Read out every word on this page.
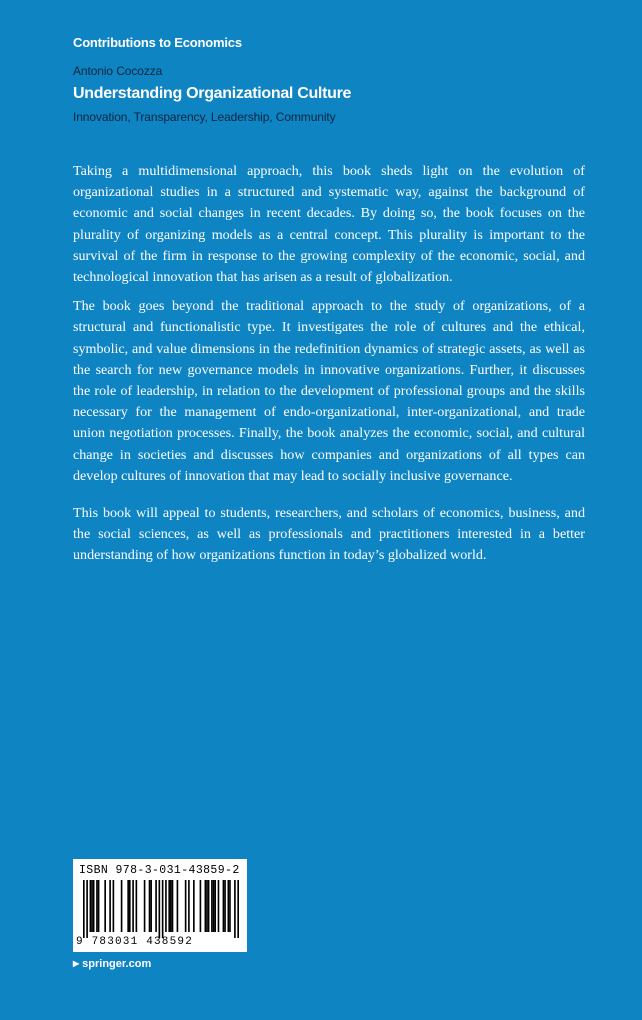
Contributions to Economics
Antonio Cocozza
Understanding Organizational Culture
Innovation, Transparency, Leadership, Community

Taking a multidimensional approach, this book sheds light on the evolution of organizational studies in a structured and systematic way, against the background of economic and social changes in recent decades. By doing so, the book focuses on the plurality of organizing models as a central concept. This plurality is important to the survival of the firm in response to the growing complexity of the economic, social, and technological innovation that has arisen as a result of globalization.

The book goes beyond the traditional approach to the study of organizations, of a structural and functionalistic type. It investigates the role of cultures and the ethical, symbolic, and value dimensions in the redefinition dynamics of strategic assets, as well as the search for new governance models in innovative organizations. Further, it discusses the role of leadership, in relation to the development of professional groups and the skills necessary for the management of endo-organizational, inter-organizational, and trade union negotiation processes. Finally, the book analyzes the economic, social, and cultural change in societies and discusses how companies and organizations of all types can develop cultures of innovation that may lead to socially inclusive governance.

This book will appeal to students, researchers, and scholars of economics, business, and the social sciences, as well as professionals and practitioners interested in a better understanding of how organizations function in today’s globalized world.

ISBN 978-3-031-43859-2
9 783031 438592
▶ springer.com
